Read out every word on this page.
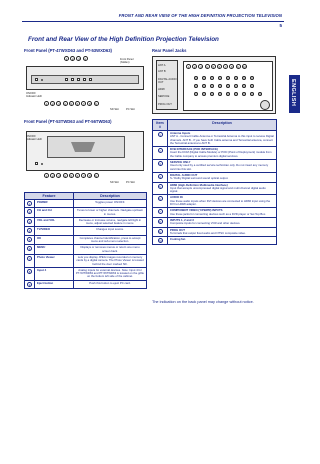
FRONT AND REAR VIEW OF THE HIGH DEFINITION PROJECTION TELEVISION
5
ENGLISH
Front and Rear View of the High Definition Projection Television
Front Panel (PT-47WXD63 and PT-53WXD63)
1	2	3	4
ON/OFF
Indicator LED
Front Panel
(hidden)
1	2	3	4	5	6	7	8	9
SD Slot	PC Slot
Front Panel (PT-53TWD63 and PT-56TWD63)
ON/OFF
Indicator LED
1	2	3	4	5	6	7	8	9
SD Slot	PC Slot
Rear Panel Jacks
ANT A
ANT B
DIGITAL AUDIO OUT
HDMI
SERVICE
PROG OUT
1	2	3	4	5	6	7	8	9	10
Feature		Description
1	POWER	Toggles power ON/OFF.
2	CH and CH	Tunes to lower or higher channels. Navigate up/down in menus.
3	VOL and VOL	Decrease or increase volume, navigate left/right in menu, adjust selected feature in menu.
4	TV/VIDEO	Changes input source.
5	OK	Completes channel identification, press to accept menu and sub-menu selection.
6	MENU	Displays or removes menus or return one menu screen back.
7	Photo Viewer	Lets you display JPEG images recorded on memory cards by a digital camera. The Photo Viewer is located behind the door marked SD.
8	Input 4	Analog inputs for external devices. Note: Input 4 for PT-53TWD63 and PT-56TWD63 is located on the grille on the bottom left side of the cabinet.
9	Eject button	Push this button to eject PC card.
Item #	Description
1	Antenna Inputs
ANT A - Connect Cable Antenna or Terrestrial Antenna to this input to receive Digital channels. ANT B - If you have both Cable antenna and Terrestrial antenna, connect the Terrestrial antenna to ANT B.
2	DVB INTERFACE (POD INTERFACE)
Insert the DCM (Digital Cable Module) or POD (Point of Deployment) module from the Cable company to access premium digital services.
3	SERVICE ONLY
Used only used by a certified service technician only. Do not insert any memory card into this slot.
4	DIGITAL AUDIO OUT
S / Dolby Digital surround sound optical output.
5	HDMI (High-Definition Multimedia Interface)
Input that accepts uncompressed digital signal and multi channel digital audio signal.
6	AUDIO IN
Use these audio inputs when DVI devices are connected to HDMI input using the DVI to HDMI adaptor.
7	COMPONENT VIDEO (Y/PB/PR) INPUTS
Use these jacks for connecting devices such as a DVD player or Set Top Box.
8	INPUTS 1, 2 and 3
Composite inputs for connecting VCR and other devices.
9	PROG OUT
Terminals that output fixed audio and NTSC composite video.
10	Cooling fan
The indication on the back panel may change without notice.
